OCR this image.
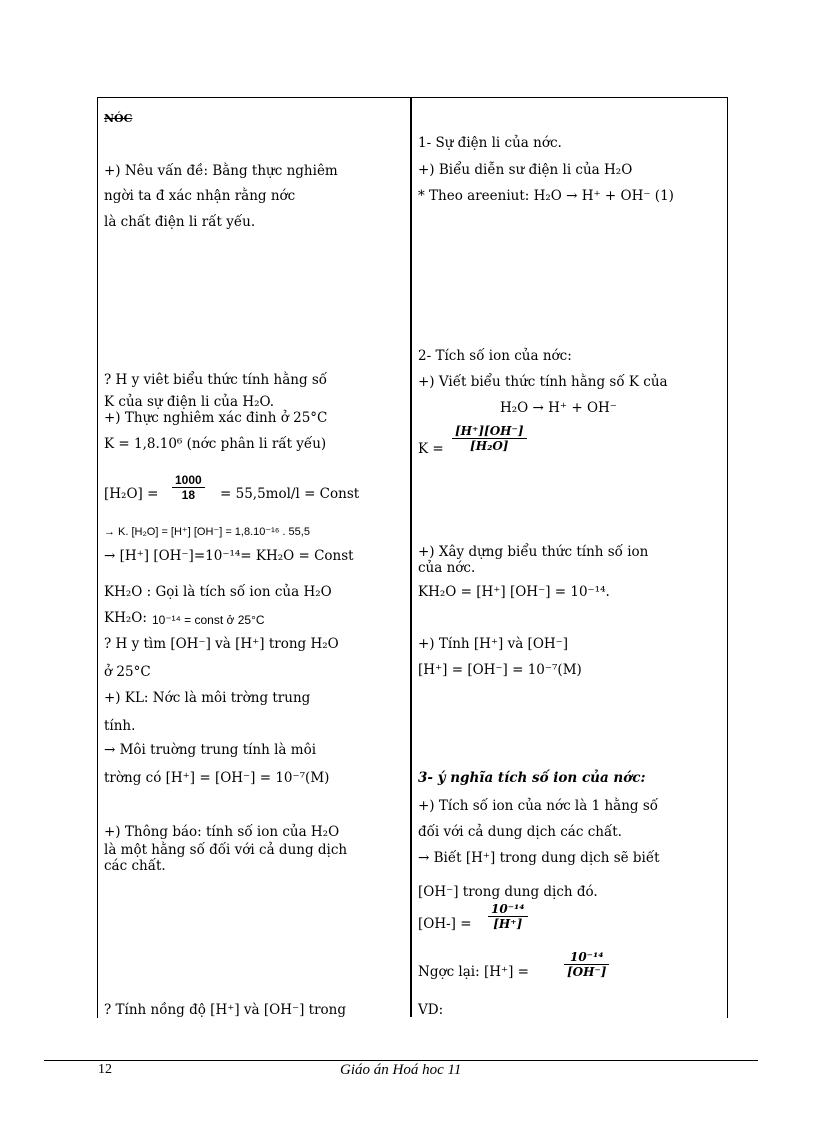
NÓC
+) Nêu vấn đề: Bằng thực nghiêm
ngời ta đ xác nhận rằng nớc
là chất điện li rất yếu.
? H y viêt biểu thức tính hằng số
K của sự điện li của H₂O.
+) Thực nghiêm xác đinh ở 25°C
K = 1,8.10⁶ (nớc phân li rất yếu)
$[H_2O] = \frac{1000}{18} = 55,5mol/l$ = Const
→ K. [H₂O] = [H⁺] [OH⁻] = 1,8.10⁻¹⁶ . 55,5
→ [H⁺] [OH⁻]=10⁻¹⁴= KH₂O = Const
KH₂O : Gọi là tích số ion của H₂O
KH₂O: 10⁻¹⁴ = const ở 25°C
? H y tìm [OH⁻] và [H⁺] trong H₂O
ở 25°C
+) KL: Nớc là môi trờng trung
tính.
→ Môi truờng trung tính là môi
trờng có [H⁺] = [OH⁻] = 10⁻⁷(M)
+) Thông báo: tính số ion của H₂O
là một hằng số đối với cả dung dịch
các chất.
? Tính nồng độ [H⁺] và [OH⁻] trong
1- Sự điện li của nớc.
+) Biểu diễn sư điện li của H₂O
* Theo areeniut: H₂O → H⁺ + OH⁻ (1)
2- Tích số ion của nớc:
+) Viết biểu thức tính hằng số K của
H₂O → H⁺ + OH⁻
$K = \frac{[H^+][OH^-]}{\text{[H₂O]}}$
+) Xây dựng biểu thức tính số ion
của nớc.
KH₂O = [H⁺] [OH⁻] = 10⁻¹⁴.
+) Tính [H⁺] và [OH⁻]
[H⁺] = [OH⁻] = 10⁻⁷(M)
3- ý nghĩa tích số ion của nớc:
+) Tích số ion của nớc là 1 hằng số
đối với cả dung dịch các chất.
→ Biết [H⁺] trong dung dịch sẽ biết
[OH⁻] trong dung dịch đó.
$[OH-] = \frac{\text{10⁻¹⁴}}{[H^+]}$
Ngợc lại: [H⁺] =	$\frac{\text{10⁻¹⁴}}{[OH^-]}$
VD:
12	Giáo án Hoá hoc 11
